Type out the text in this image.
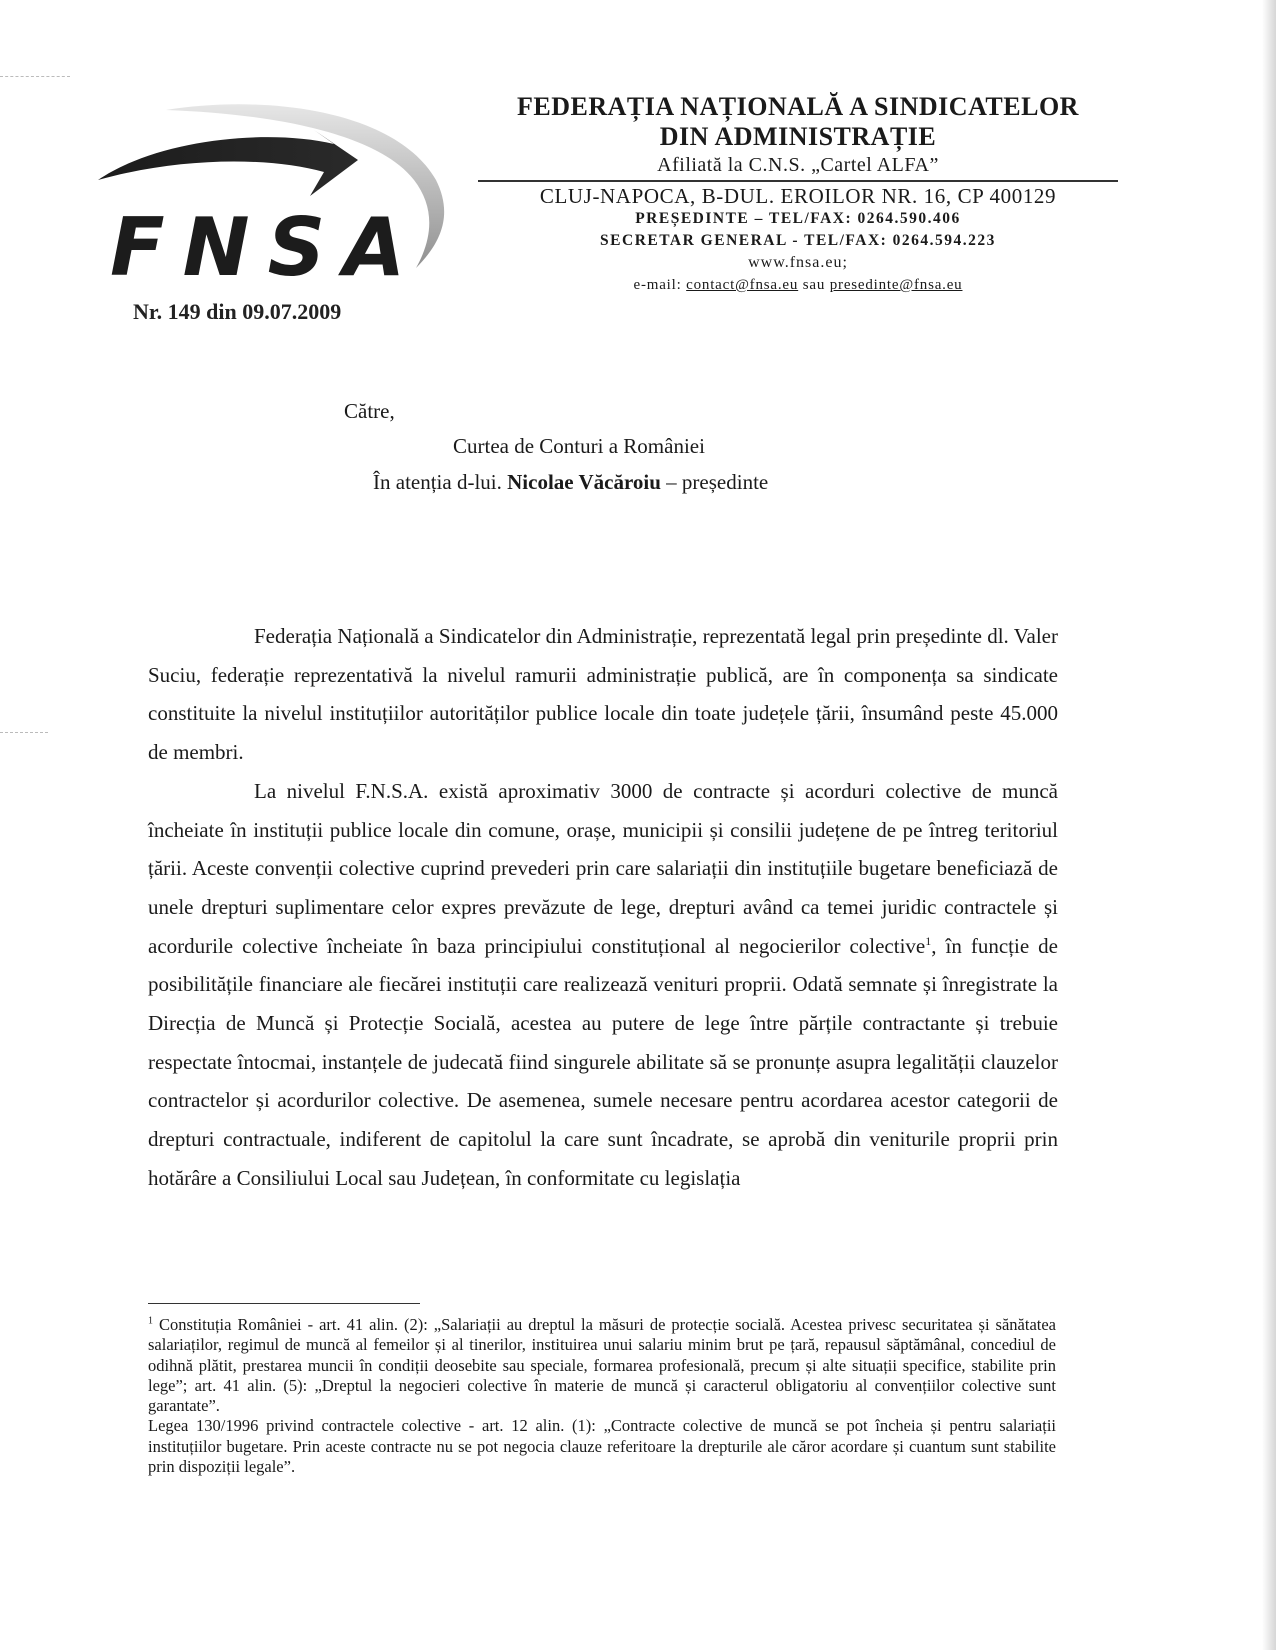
FNSA
Nr. 149 din 09.07.2009
FEDERAȚIA NAȚIONALĂ A SINDICATELOR
DIN ADMINISTRAȚIE
Afiliată la C.N.S. „Cartel ALFA”
CLUJ-NAPOCA, B-DUL. EROILOR NR. 16, CP 400129
PREȘEDINTE – TEL/FAX: 0264.590.406
SECRETAR GENERAL - TEL/FAX: 0264.594.223
www.fnsa.eu;
e-mail: contact@fnsa.eu sau presedinte@fnsa.eu
Către,
Curtea de Conturi a României
În atenția d-lui. Nicolae Văcăroiu – președinte

Federația Națională a Sindicatelor din Administrație, reprezentată legal prin președinte dl. Valer Suciu, federație reprezentativă la nivelul ramurii administrație publică, are în componența sa sindicate constituite la nivelul instituțiilor autorităților publice locale din toate județele țării, însumând peste 45.000 de membri.

La nivelul F.N.S.A. există aproximativ 3000 de contracte și acorduri colective de muncă încheiate în instituții publice locale din comune, orașe, municipii și consilii județene de pe întreg teritoriul țării. Aceste convenții colective cuprind prevederi prin care salariații din instituțiile bugetare beneficiază de unele drepturi suplimentare celor expres prevăzute de lege, drepturi având ca temei juridic contractele și acordurile colective încheiate în baza principiului constituțional al negocierilor colective$^1$, în funcție de posibilitățile financiare ale fiecărei instituții care realizează venituri proprii. Odată semnate și înregistrate la Direcția de Muncă și Protecție Socială, acestea au putere de lege între părțile contractante și trebuie respectate întocmai, instanțele de judecată fiind singurele abilitate să se pronunțe asupra legalității clauzelor contractelor și acordurilor colective. De asemenea, sumele necesare pentru acordarea acestor categorii de drepturi contractuale, indiferent de capitolul la care sunt încadrate, se aprobă din veniturile proprii prin hotărâre a Consiliului Local sau Județean, în conformitate cu legislația

$^1$ Constituția României - art. 41 alin. (2): „Salariații au dreptul la măsuri de protecție socială. Acestea privesc securitatea și sănătatea salariaților, regimul de muncă al femeilor și al tinerilor, instituirea unui salariu minim brut pe țară, repausul săptămânal, concediul de odihnă plătit, prestarea muncii în condiții deosebite sau speciale, formarea profesională, precum și alte situații specifice, stabilite prin lege”; art. 41 alin. (5): „Dreptul la negocieri colective în materie de muncă și caracterul obligatoriu al convențiilor colective sunt garantate”.

Legea 130/1996 privind contractele colective - art. 12 alin. (1): „Contracte colective de muncă se pot încheia și pentru salariații instituțiilor bugetare. Prin aceste contracte nu se pot negocia clauze referitoare la drepturile ale căror acordare și cuantum sunt stabilite prin dispoziții legale”.
